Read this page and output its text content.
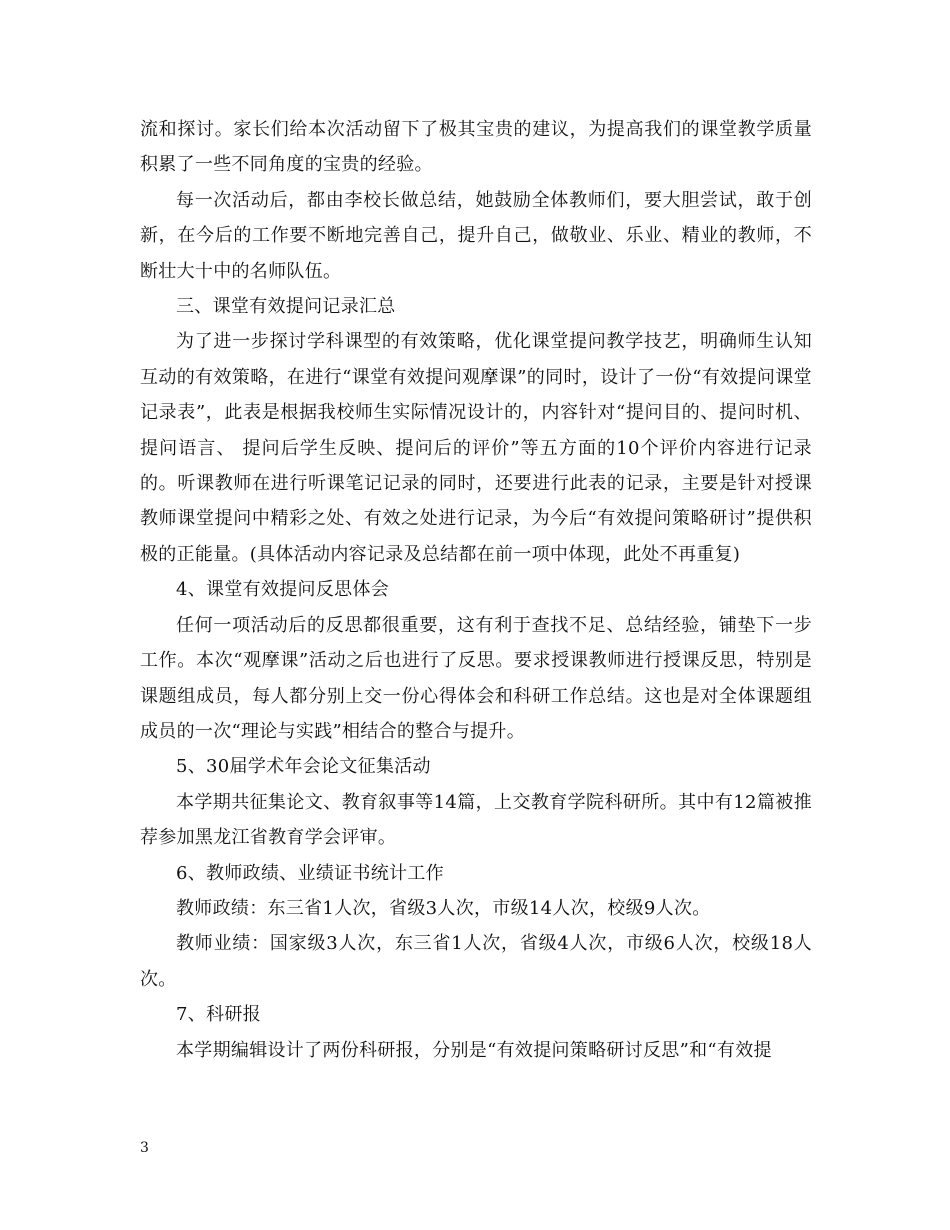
流和探讨。家长们给本次活动留下了极其宝贵的建议，为提高我们的课堂教学质量积累了一些不同角度的宝贵的经验。

每一次活动后，都由李校长做总结，她鼓励全体教师们，要大胆尝试，敢于创新，在今后的工作要不断地完善自己，提升自己，做敬业、乐业、精业的教师，不断壮大十中的名师队伍。

三、课堂有效提问记录汇总

为了进一步探讨学科课型的有效策略，优化课堂提问教学技艺，明确师生认知互动的有效策略，在进行“课堂有效提问观摩课”的同时，设计了一份“有效提问课堂记录表”，此表是根据我校师生实际情况设计的，内容针对“提问目的、提问时机、提问语言、 提问后学生反映、提问后的评价”等五方面的10个评价内容进行记录的。听课教师在进行听课笔记记录的同时，还要进行此表的记录，主要是针对授课教师课堂提问中精彩之处、有效之处进行记录，为今后“有效提问策略研讨”提供积极的正能量。(具体活动内容记录及总结都在前一项中体现，此处不再重复)

4、课堂有效提问反思体会

任何一项活动后的反思都很重要，这有利于查找不足、总结经验，铺垫下一步工作。本次“观摩课”活动之后也进行了反思。要求授课教师进行授课反思，特别是课题组成员，每人都分别上交一份心得体会和科研工作总结。这也是对全体课题组成员的一次“理论与实践”相结合的整合与提升。

5、30届学术年会论文征集活动

本学期共征集论文、教育叙事等14篇，上交教育学院科研所。其中有12篇被推荐参加黑龙江省教育学会评审。

6、教师政绩、业绩证书统计工作

教师政绩：东三省1人次，省级3人次，市级14人次，校级9人次。

教师业绩：国家级3人次，东三省1人次，省级4人次，市级6人次，校级18人次。

7、科研报

本学期编辑设计了两份科研报，分别是“有效提问策略研讨反思”和“有效提

3
